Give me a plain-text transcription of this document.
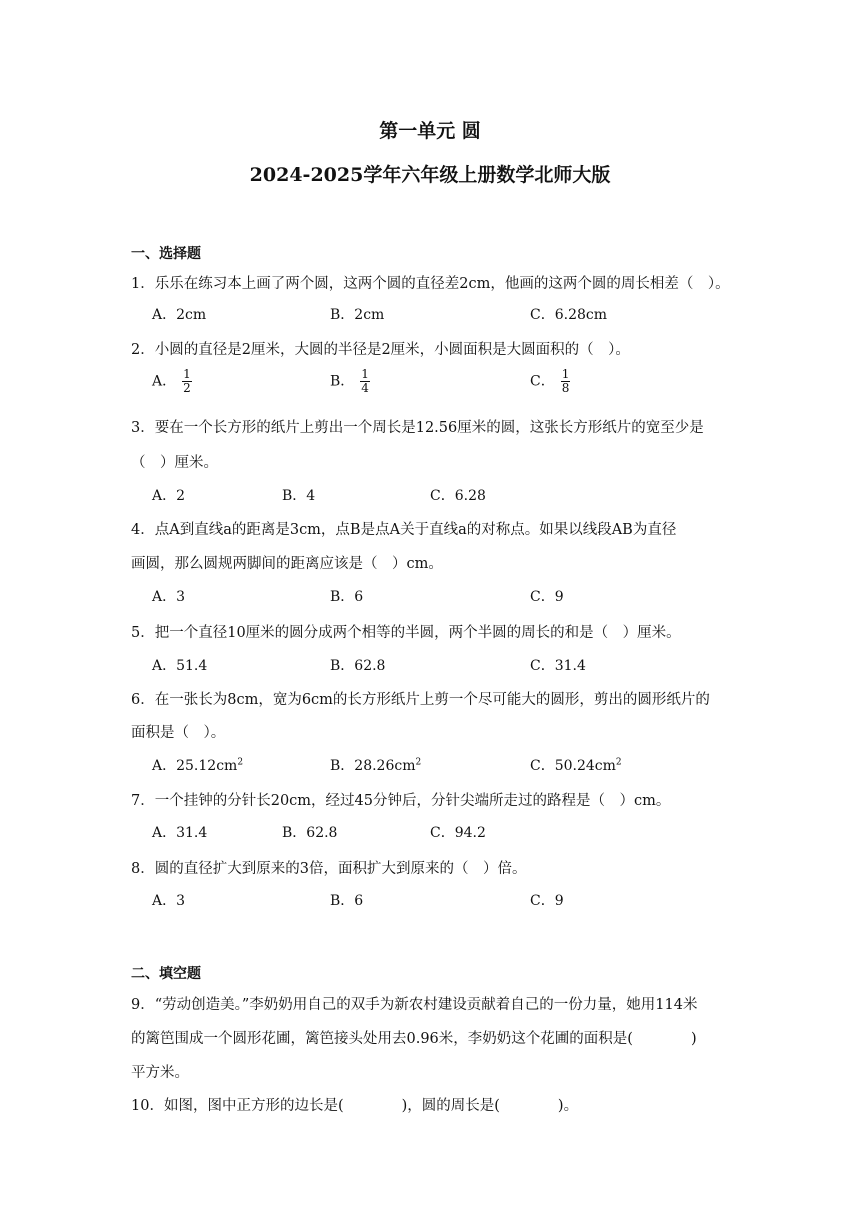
第一单元 圆
2024-2025学年六年级上册数学北师大版
一、选择题
1．乐乐在练习本上画了两个圆，这两个圆的直径差2cm，他画的这两个圆的周长相差（　）。
A．2cm	B．2cm	C．6.28cm
2．小圆的直径是2厘米，大圆的半径是2厘米，小圆面积是大圆面积的（　）。
A． $\frac{1}{2}$	B． $\frac{1}{4}$	C． $\frac{1}{8}$
3．要在一个长方形的纸片上剪出一个周长是12.56厘米的圆，这张长方形纸片的宽至少是
（　）厘米。
A．2	B．4	C．6.28
4．点A到直线a的距离是3cm，点B是点A关于直线a的对称点。如果以线段AB为直径
画圆，那么圆规两脚间的距离应该是（　）cm。
A．3	B．6	C．9
5．把一个直径10厘米的圆分成两个相等的半圆，两个半圆的周长的和是（　）厘米。
A．51.4	B．62.8	C．31.4
6．在一张长为8cm，宽为6cm的长方形纸片上剪一个尽可能大的圆形，剪出的圆形纸片的
面积是（　）。
A．$25.12cm^2$	B．$28.26cm^2$	C．$50.24cm^2$
7．一个挂钟的分针长20cm，经过45分钟后，分针尖端所走过的路程是（　）cm。
A．31.4	B．62.8	C．94.2
8．圆的直径扩大到原来的3倍，面积扩大到原来的（　）倍。
A．3	B．6	C．9
二、填空题
9．“劳动创造美。”李奶奶用自己的双手为新农村建设贡献着自己的一份力量，她用114米
的篱笆围成一个圆形花圃，篱笆接头处用去0.96米，李奶奶这个花圃的面积是(　　　　)
平方米。
10．如图，图中正方形的边长是(　　　　)，圆的周长是(　　　　)。
